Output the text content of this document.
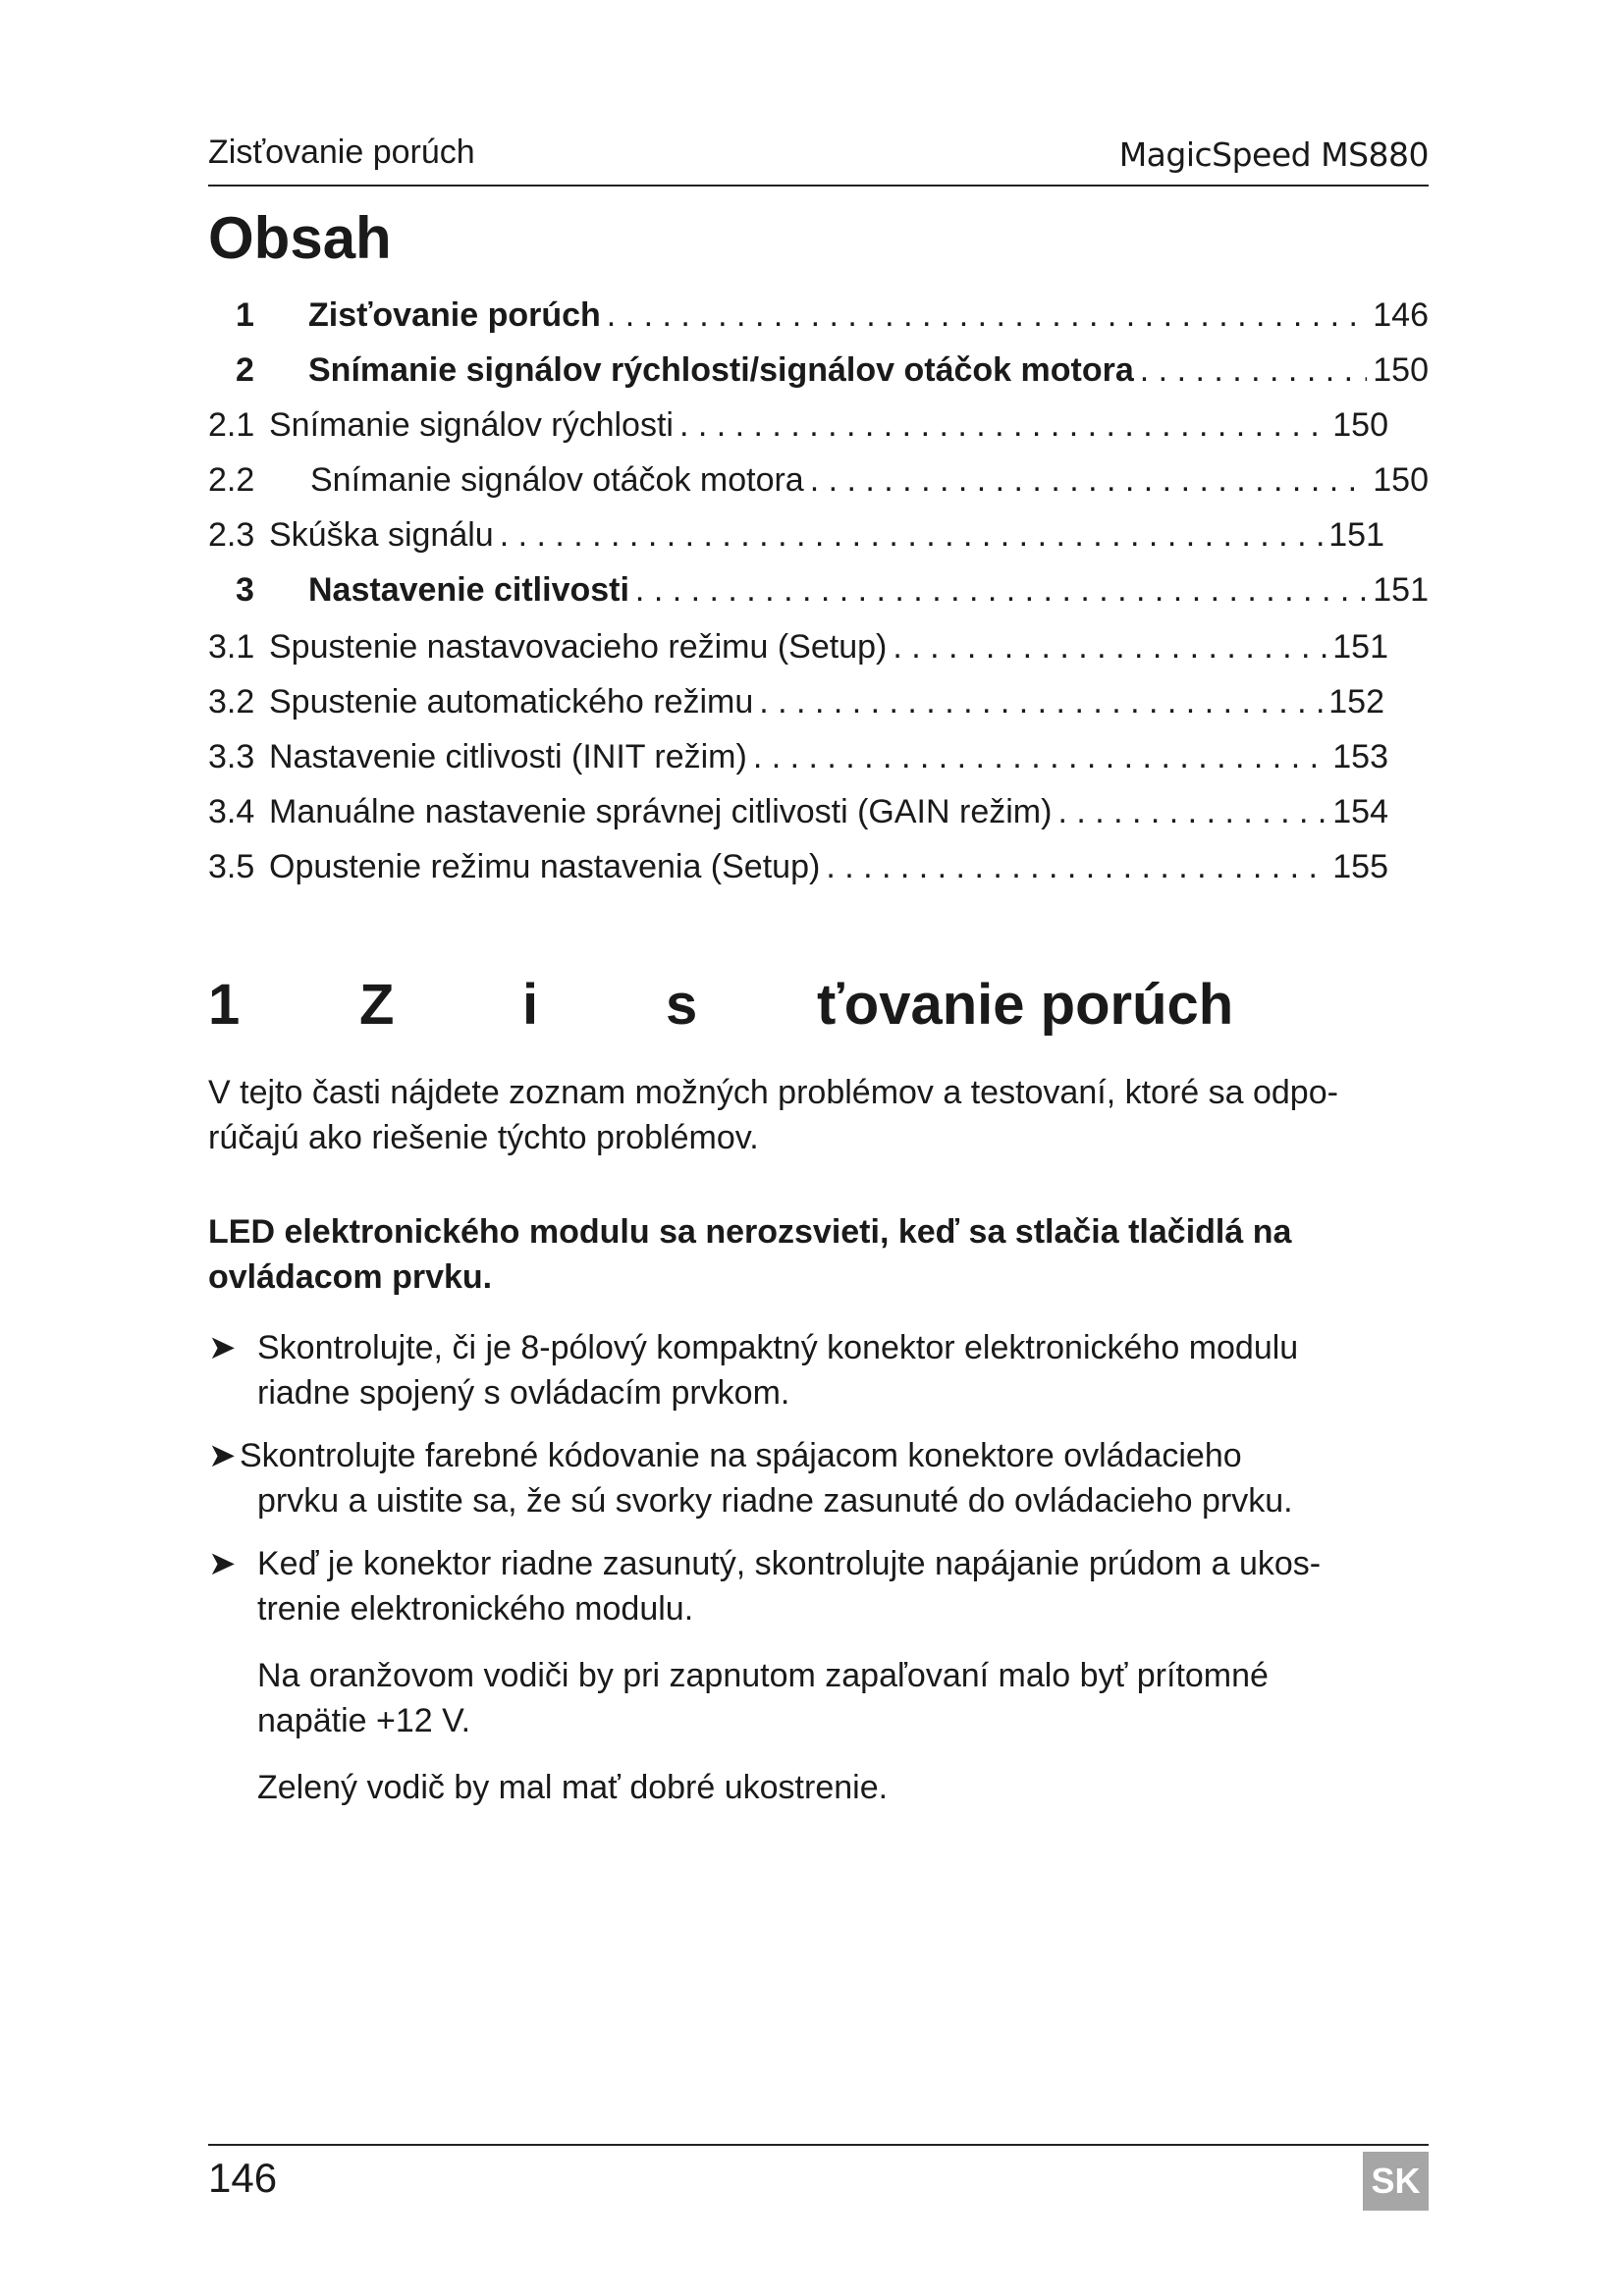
Zisťovanie porúch	MagicSpeed MS880
Obsah
1	Zisťovanie porúch . . .	146
2	Snímanie signálov rýchlosti/signálov otáčok motora . . .	150
2.1 Snímanie signálov rýchlosti . . .	150
2.2	Snímanie signálov otáčok motora . . .	150
2.3 Skúška signálu . . .	151
3	Nastavenie citlivosti . . .	151
3.1 Spustenie nastavovacieho režimu (Setup) . . .	151
3.2 Spustenie automatického režimu . . .	152
3.3 Nastavenie citlivosti (INIT režim) . . .	153
3.4 Manuálne nastavenie správnej citlivosti (GAIN režim) . . .	154
3.5 Opustenie režimu nastavenia (Setup) . . .	155
1 Z i s ťovanie porúch

V tejto časti nájdete zoznam možných problémov a testovaní, ktoré sa odpo-

rúčajú ako riešenie týchto problémov.

LED elektronického modulu sa nerozsvieti, keď sa stlačia tlačidlá na

ovládacom prvku.

➤ Skontrolujte, či je 8-pólový kompaktný konektor elektronického modulu
riadne spojený s ovládacím prvkom.
➤ Skontrolujte farebné kódovanie na spájacom konektore ovládacieho
prvku a uistite sa, že sú svorky riadne zasunuté do ovládacieho prvku.
➤ Keď je konektor riadne zasunutý, skontrolujte napájanie prúdom a ukos-
trenie elektronického modulu.
Na oranžovom vodiči by pri zapnutom zapaľovaní malo byť prítomné
napätie +12 V.
Zelený vodič by mal mať dobré ukostrenie.
146	SK
